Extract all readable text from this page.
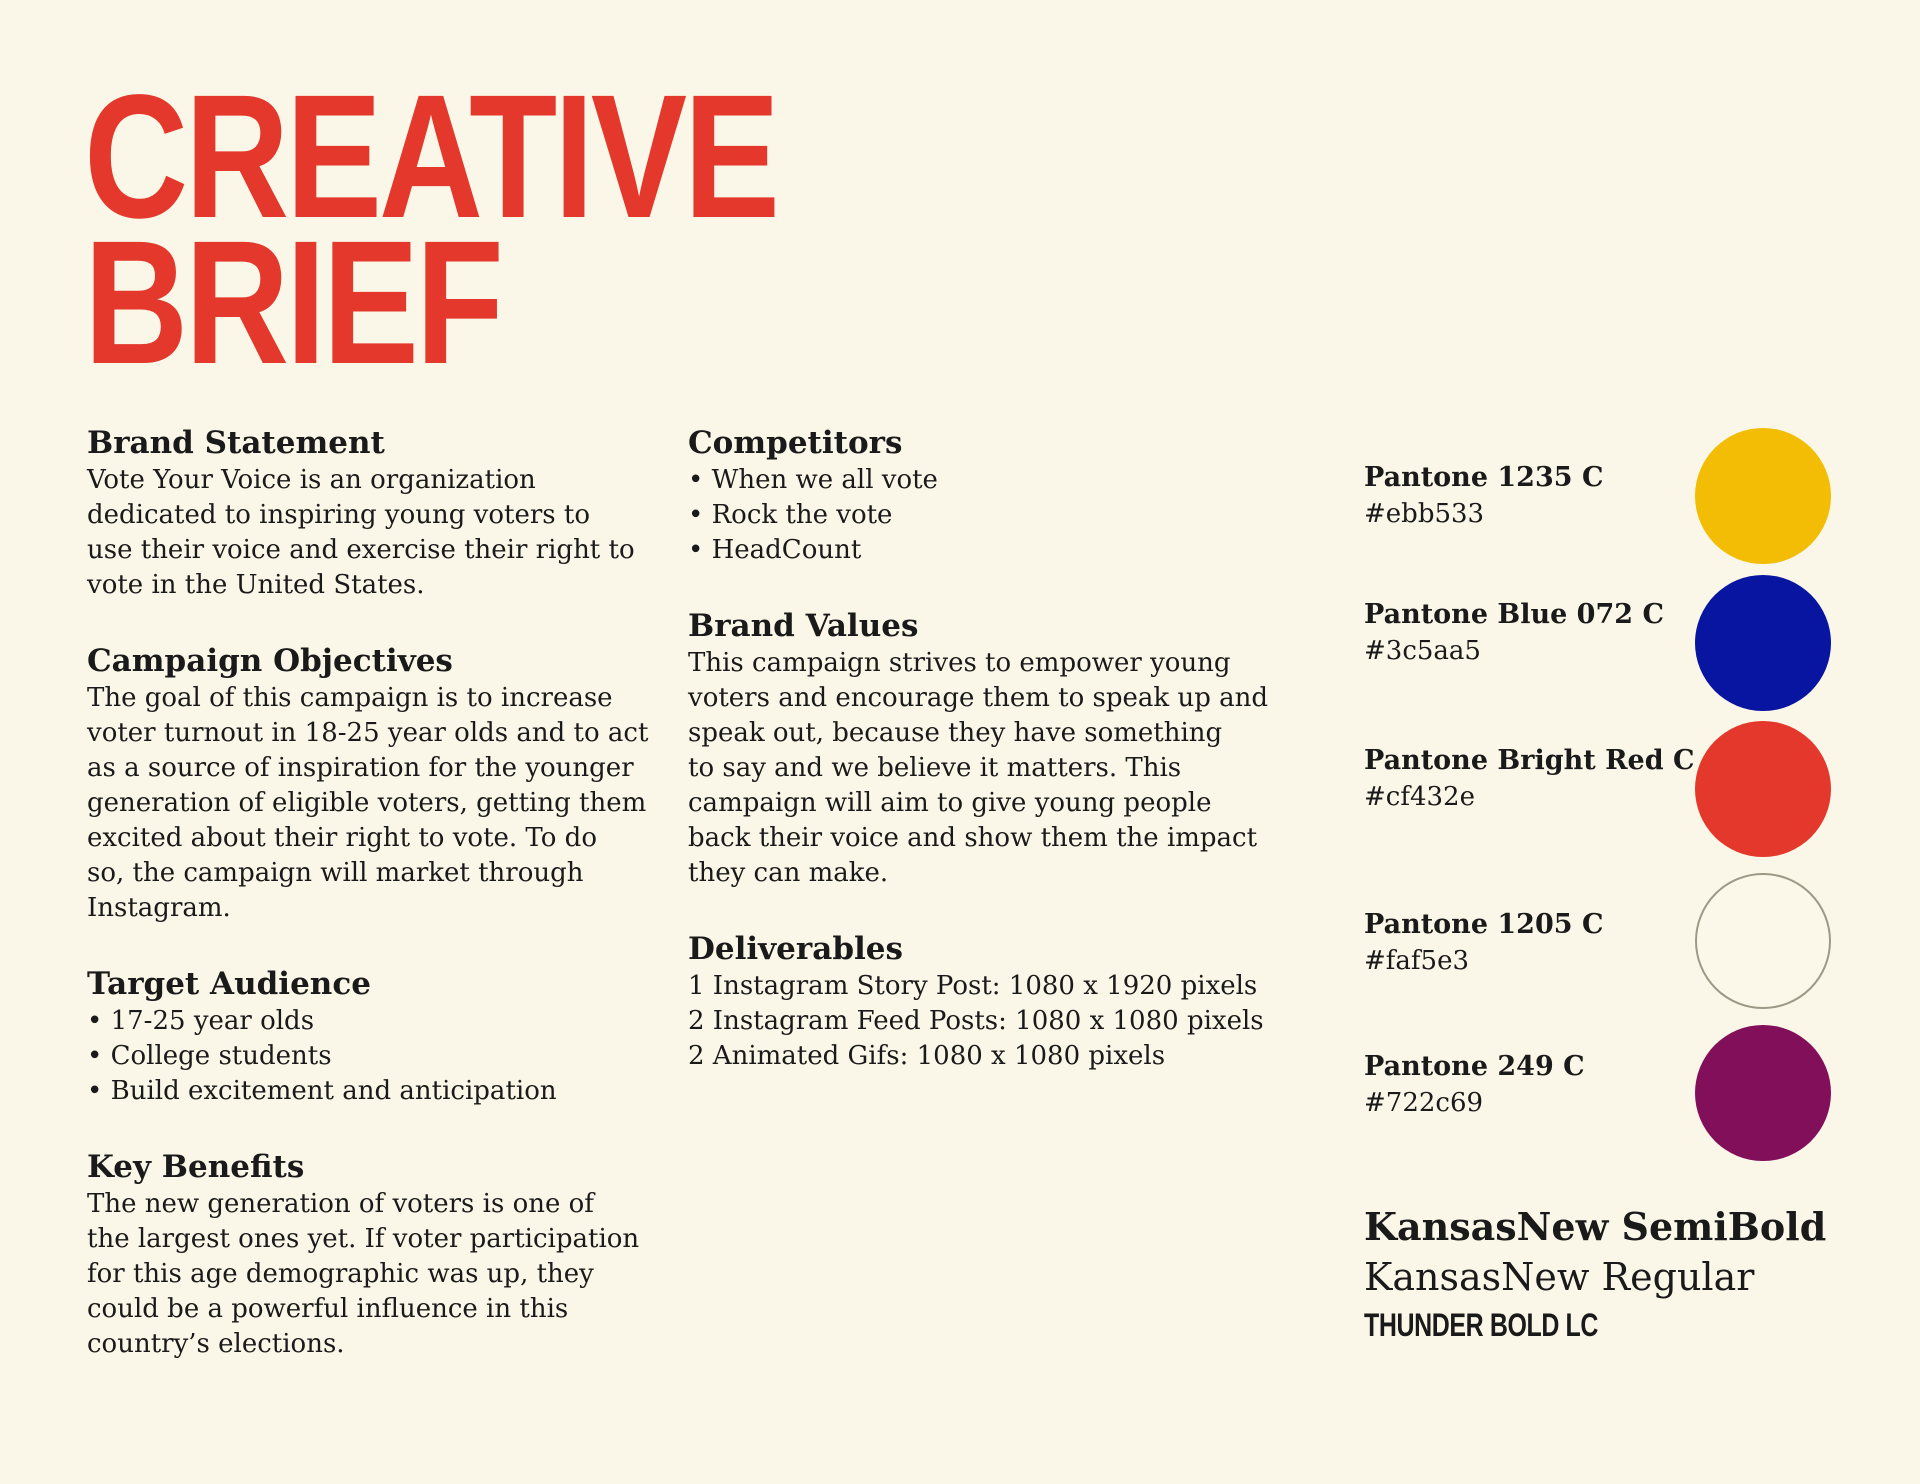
CREATIVE
BRIEF
Brand Statement

Vote Your Voice is an organization
dedicated to inspiring young voters to
use their voice and exercise their right to
vote in the United States.

Campaign Objectives

The goal of this campaign is to increase
voter turnout in 18-25 year olds and to act
as a source of inspiration for the younger
generation of eligible voters, getting them
excited about their right to vote. To do
so, the campaign will market through
Instagram.

Target Audience
• 17-25 year olds
• College students
• Build excitement and anticipation
Key Benefits

The new generation of voters is one of
the largest ones yet. If voter participation
for this age demographic was up, they
could be a powerful influence in this
country’s elections.

Competitors
• When we all vote
• Rock the vote
• HeadCount
Brand Values

This campaign strives to empower young
voters and encourage them to speak up and
speak out, because they have something
to say and we believe it matters. This
campaign will aim to give young people
back their voice and show them the impact
they can make.

Deliverables
1 Instagram Story Post: 1080 x 1920 pixels
2 Instagram Feed Posts: 1080 x 1080 pixels
2 Animated Gifs: 1080 x 1080 pixels
Pantone 1235 C
#ebb533
Pantone Blue 072 C
#3c5aa5
Pantone Bright Red C
#cf432e
Pantone 1205 C
#faf5e3
Pantone 249 C
#722c69
KansasNew SemiBold
KansasNew Regular
THUNDER BOLD LC
